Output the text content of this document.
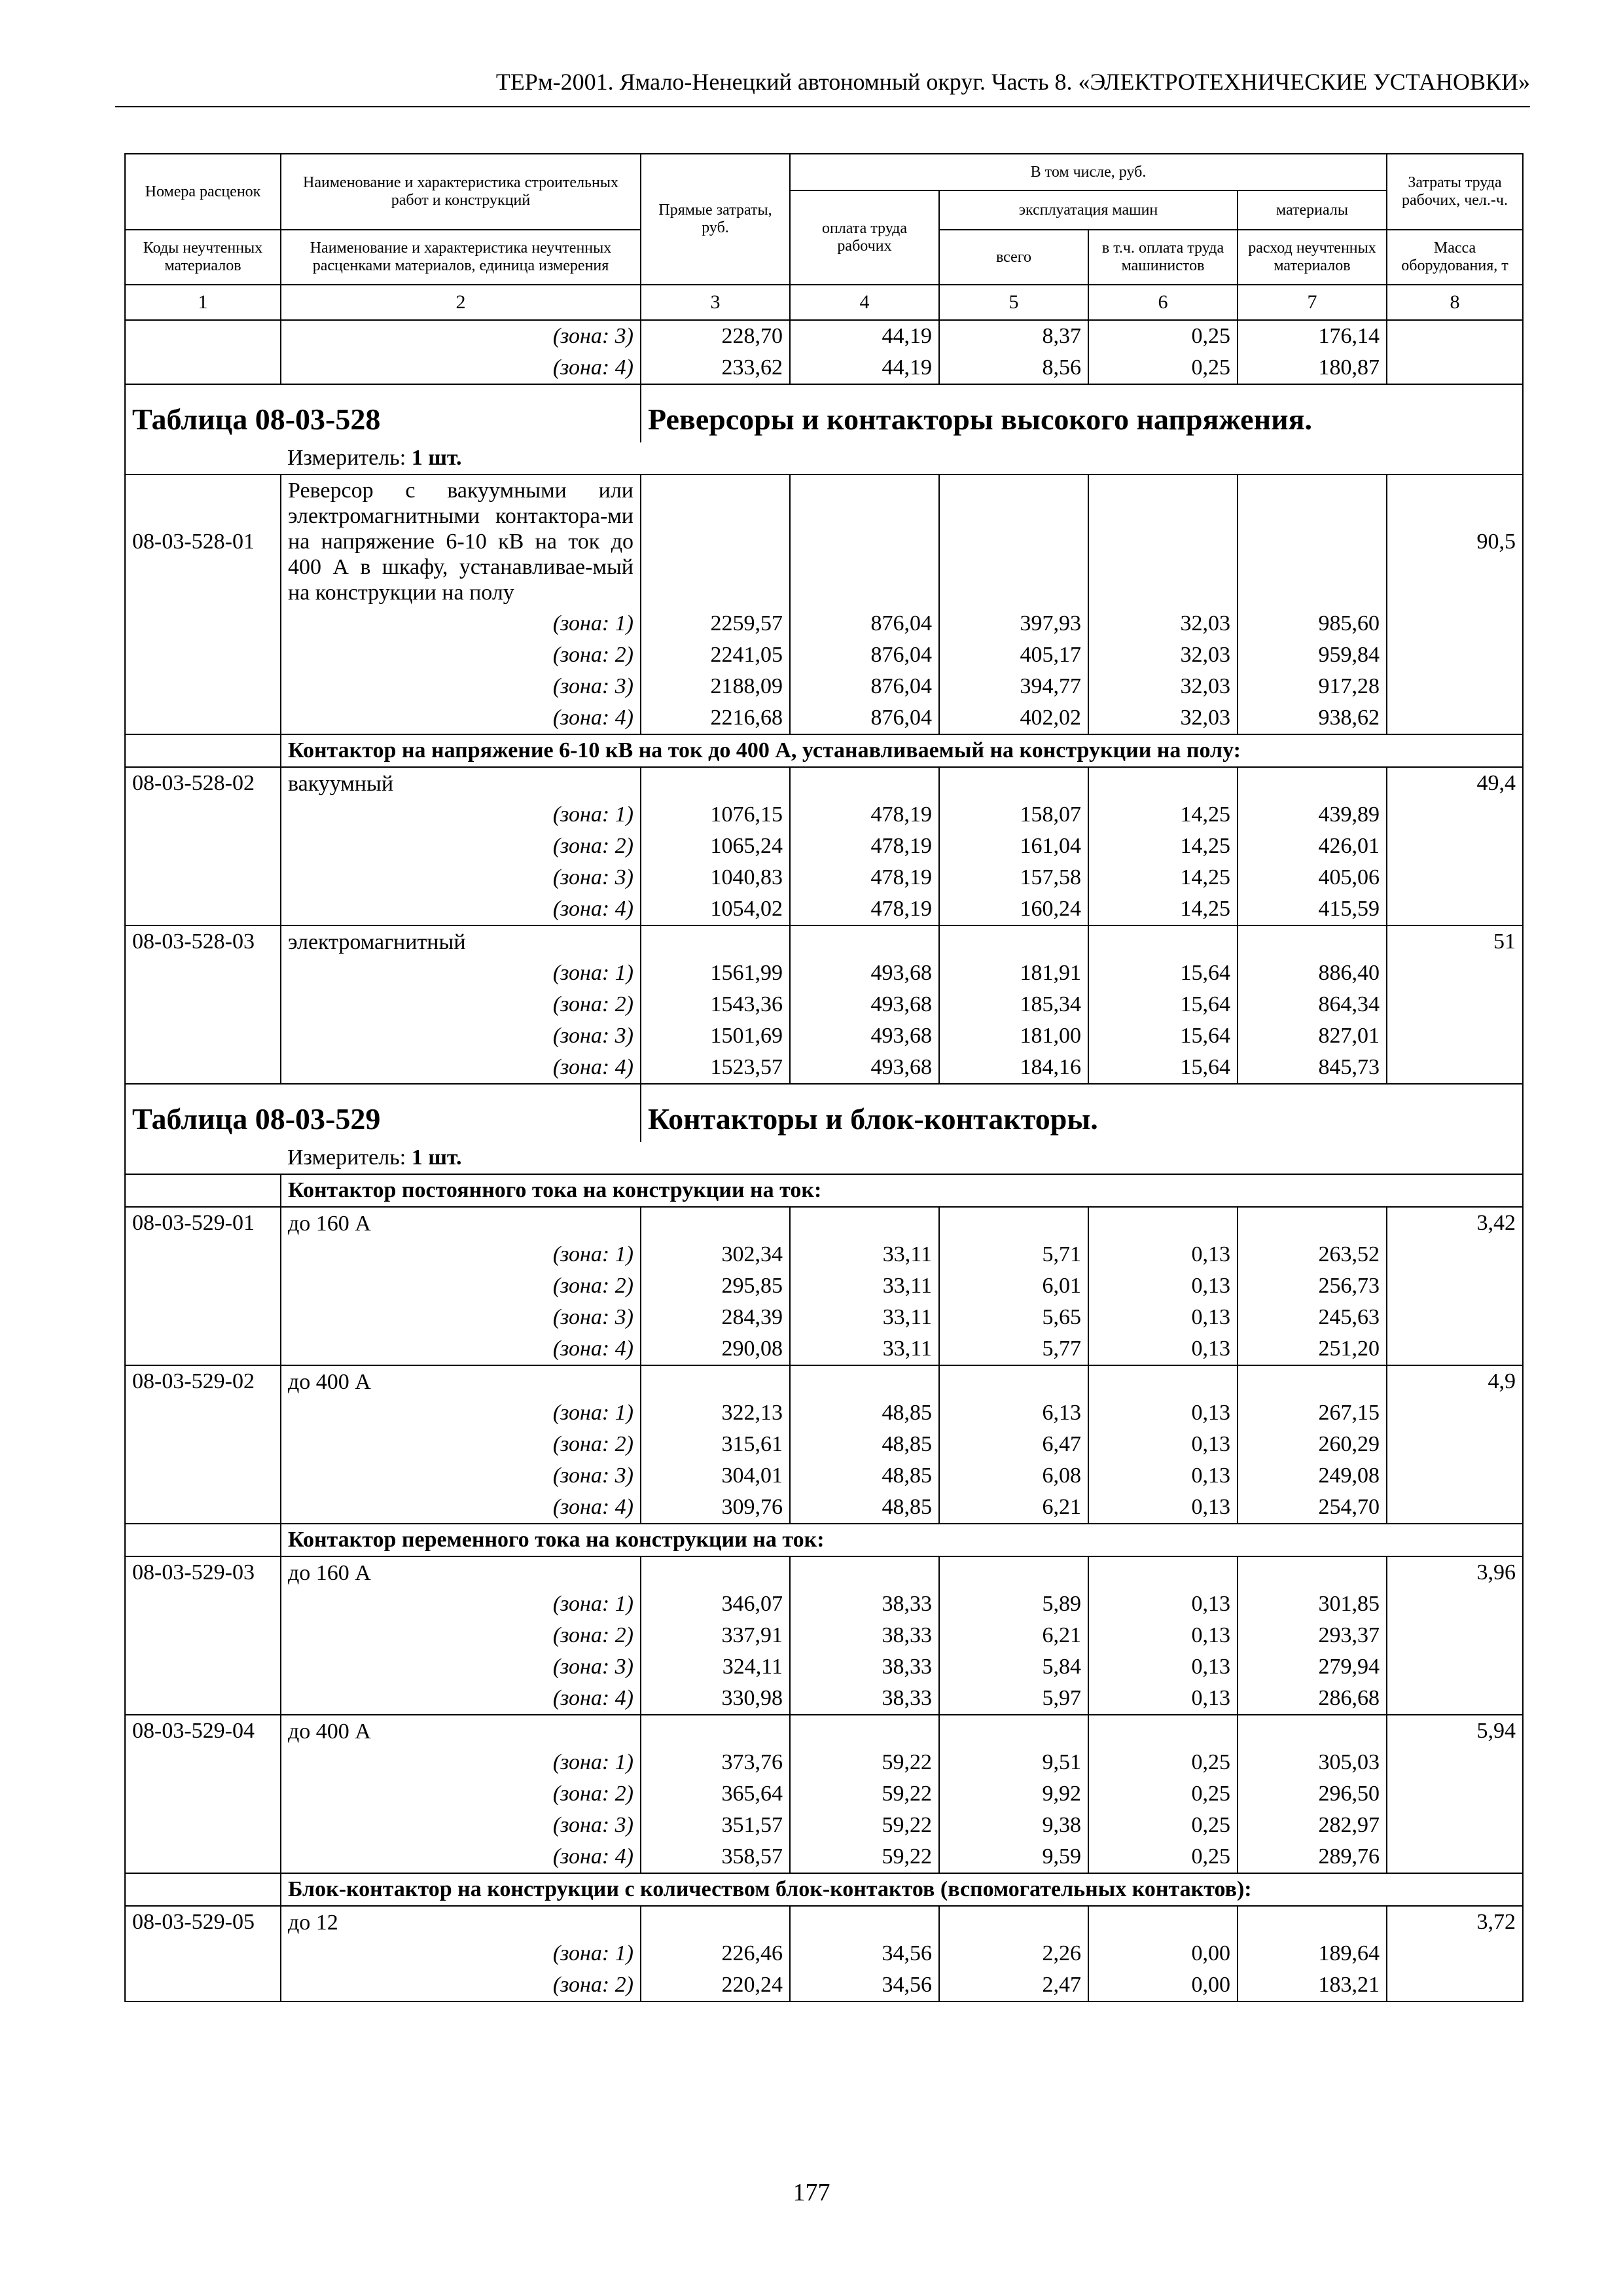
ТЕРм-2001. Ямало-Ненецкий автономный округ. Часть 8. «ЭЛЕКТРОТЕХНИЧЕСКИЕ УСТАНОВКИ»
Номера расценок	Наименование и характеристика строительных работ и конструкций	Прямые затраты, руб.	В том числе, руб.				Затраты труда рабочих, чел.-ч.
			оплата труда рабочих	эксплуатация машин		материалы	
Коды неучтенных материалов	Наименование и характеристика неучтенных расценками материалов, единица измерения			всего	в т.ч. оплата труда машинистов	расход неучтенных материалов	Масса оборудования, т
1	2	3	4	5	6	7	8
	(зона: 3)	228,70	44,19	8,37	0,25	176,14	
	(зона: 4)	233,62	44,19	8,56	0,25	180,87	
Таблица 08-03-528		Реверсоры и контакторы высокого напряжения.					
	Измеритель: 1 шт.						
08-03-528-01	Реверсор с вакуумными или электромагнитными контактора-ми на напряжение 6-10 кВ на ток до 400 А в шкафу, устанавливае-мый на конструкции на полу						90,5
	(зона: 1)	2259,57	876,04	397,93	32,03	985,60	
	(зона: 2)	2241,05	876,04	405,17	32,03	959,84	
	(зона: 3)	2188,09	876,04	394,77	32,03	917,28	
	(зона: 4)	2216,68	876,04	402,02	32,03	938,62	
	Контактор на напряжение 6-10 кВ на ток до 400 А, устанавливаемый на конструкции на полу:						
08-03-528-02	вакуумный						49,4
	(зона: 1)	1076,15	478,19	158,07	14,25	439,89	
	(зона: 2)	1065,24	478,19	161,04	14,25	426,01	
	(зона: 3)	1040,83	478,19	157,58	14,25	405,06	
	(зона: 4)	1054,02	478,19	160,24	14,25	415,59	
08-03-528-03	электромагнитный						51
	(зона: 1)	1561,99	493,68	181,91	15,64	886,40	
	(зона: 2)	1543,36	493,68	185,34	15,64	864,34	
	(зона: 3)	1501,69	493,68	181,00	15,64	827,01	
	(зона: 4)	1523,57	493,68	184,16	15,64	845,73	
Таблица 08-03-529		Контакторы и блок-контакторы.					
	Измеритель: 1 шт.						
	Контактор постоянного тока на конструкции на ток:						
08-03-529-01	до 160 А						3,42
	(зона: 1)	302,34	33,11	5,71	0,13	263,52	
	(зона: 2)	295,85	33,11	6,01	0,13	256,73	
	(зона: 3)	284,39	33,11	5,65	0,13	245,63	
	(зона: 4)	290,08	33,11	5,77	0,13	251,20	
08-03-529-02	до 400 А						4,9
	(зона: 1)	322,13	48,85	6,13	0,13	267,15	
	(зона: 2)	315,61	48,85	6,47	0,13	260,29	
	(зона: 3)	304,01	48,85	6,08	0,13	249,08	
	(зона: 4)	309,76	48,85	6,21	0,13	254,70	
	Контактор переменного тока на конструкции на ток:						
08-03-529-03	до 160 А						3,96
	(зона: 1)	346,07	38,33	5,89	0,13	301,85	
	(зона: 2)	337,91	38,33	6,21	0,13	293,37	
	(зона: 3)	324,11	38,33	5,84	0,13	279,94	
	(зона: 4)	330,98	38,33	5,97	0,13	286,68	
08-03-529-04	до 400 А						5,94
	(зона: 1)	373,76	59,22	9,51	0,25	305,03	
	(зона: 2)	365,64	59,22	9,92	0,25	296,50	
	(зона: 3)	351,57	59,22	9,38	0,25	282,97	
	(зона: 4)	358,57	59,22	9,59	0,25	289,76	
	Блок-контактор на конструкции с количеством блок-контактов (вспомогательных контактов):						
08-03-529-05	до 12						3,72
	(зона: 1)	226,46	34,56	2,26	0,00	189,64	
	(зона: 2)	220,24	34,56	2,47	0,00	183,21	
177
